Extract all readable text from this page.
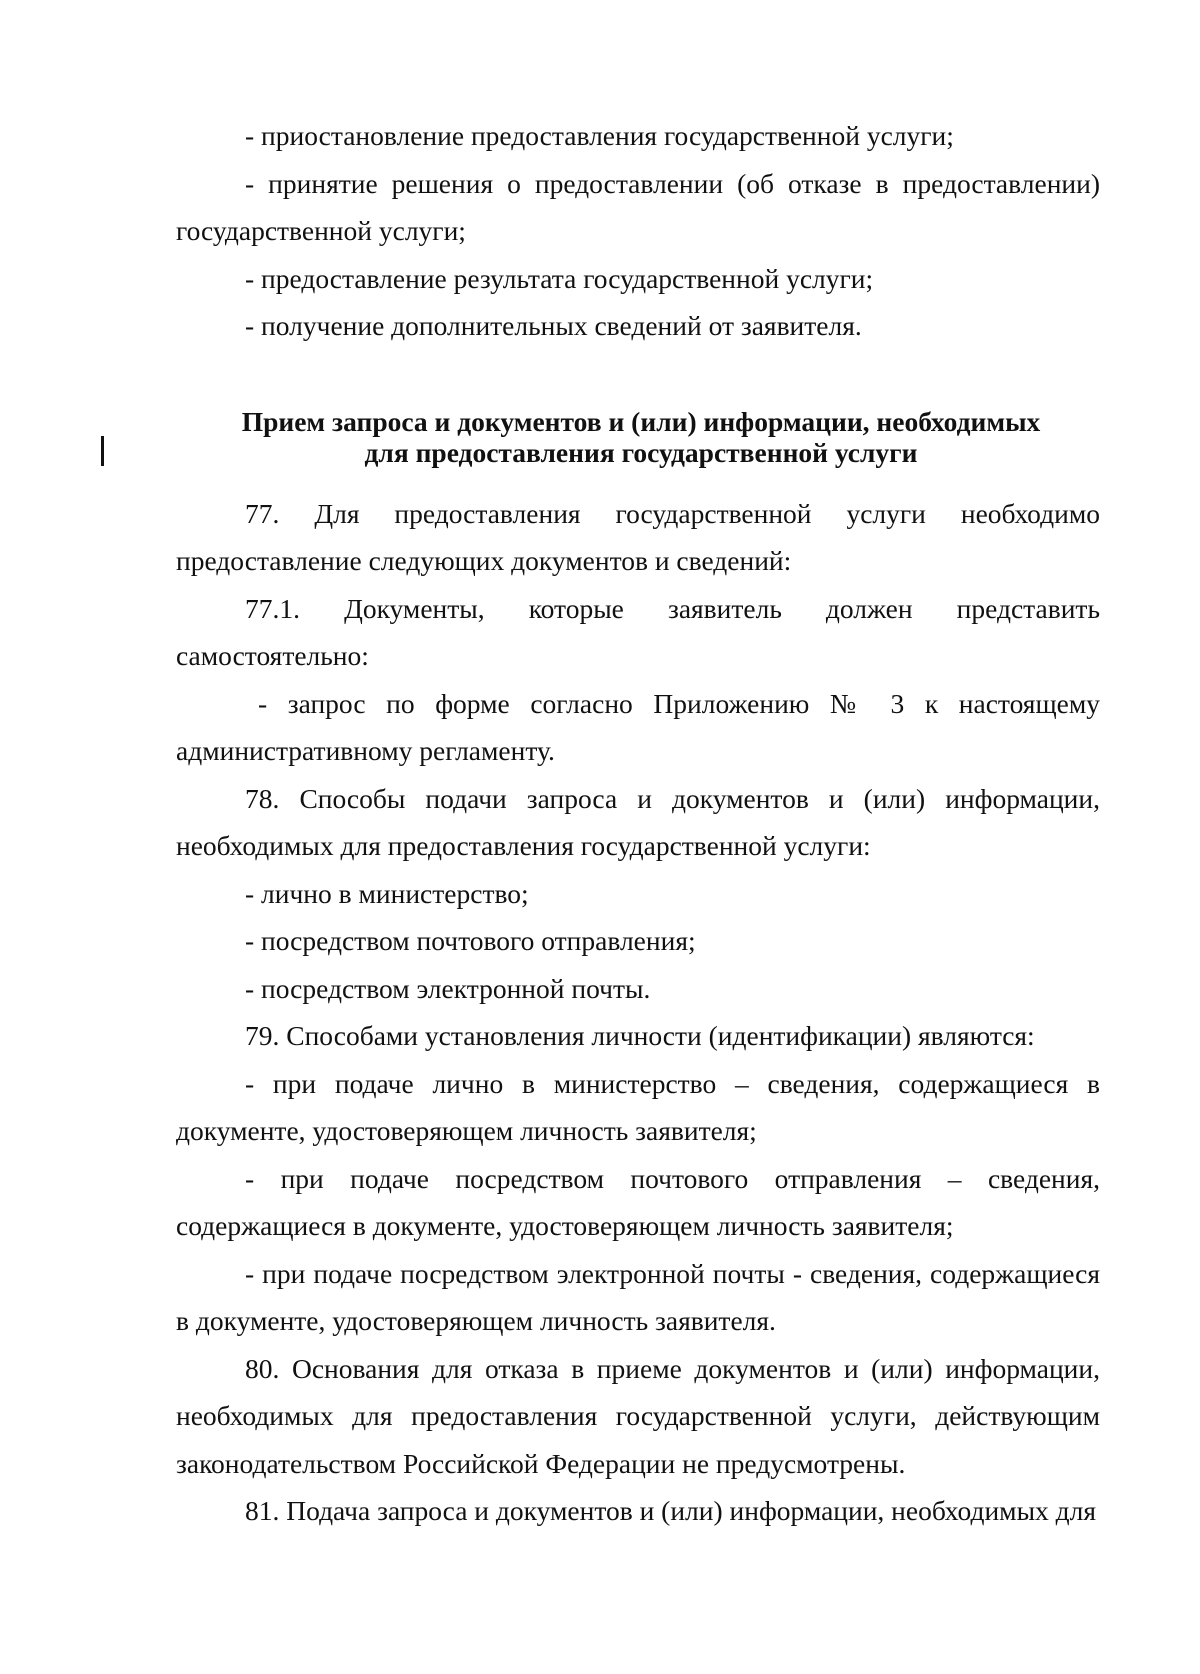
- приостановление предоставления государственной услуги;

- принятие решения о предоставлении (об отказе в предоставлении) государственной услуги;

- предоставление результата государственной услуги;

- получение дополнительных сведений от заявителя.

Прием запроса и документов и (или) информации, необходимых
для предоставления государственной услуги

77. Для предоставления государственной услуги необходимо предоставление следующих документов и сведений:

77.1. Документы, которые заявитель должен представить самостоятельно:

- запрос по форме согласно Приложению № 3 к настоящему административному регламенту.

78. Способы подачи запроса и документов и (или) информации, необходимых для предоставления государственной услуги:

- лично в министерство;

- посредством почтового отправления;

- посредством электронной почты.

79. Способами установления личности (идентификации) являются:

- при подаче лично в министерство – сведения, содержащиеся в документе, удостоверяющем личность заявителя;

- при подаче посредством почтового отправления – сведения, содержащиеся в документе, удостоверяющем личность заявителя;

- при подаче посредством электронной почты - сведения, содержащиеся в документе, удостоверяющем личность заявителя.

80. Основания для отказа в приеме документов и (или) информации, необходимых для предоставления государственной услуги, действующим законодательством Российской Федерации не предусмотрены.

81. Подача запроса и документов и (или) информации, необходимых для
